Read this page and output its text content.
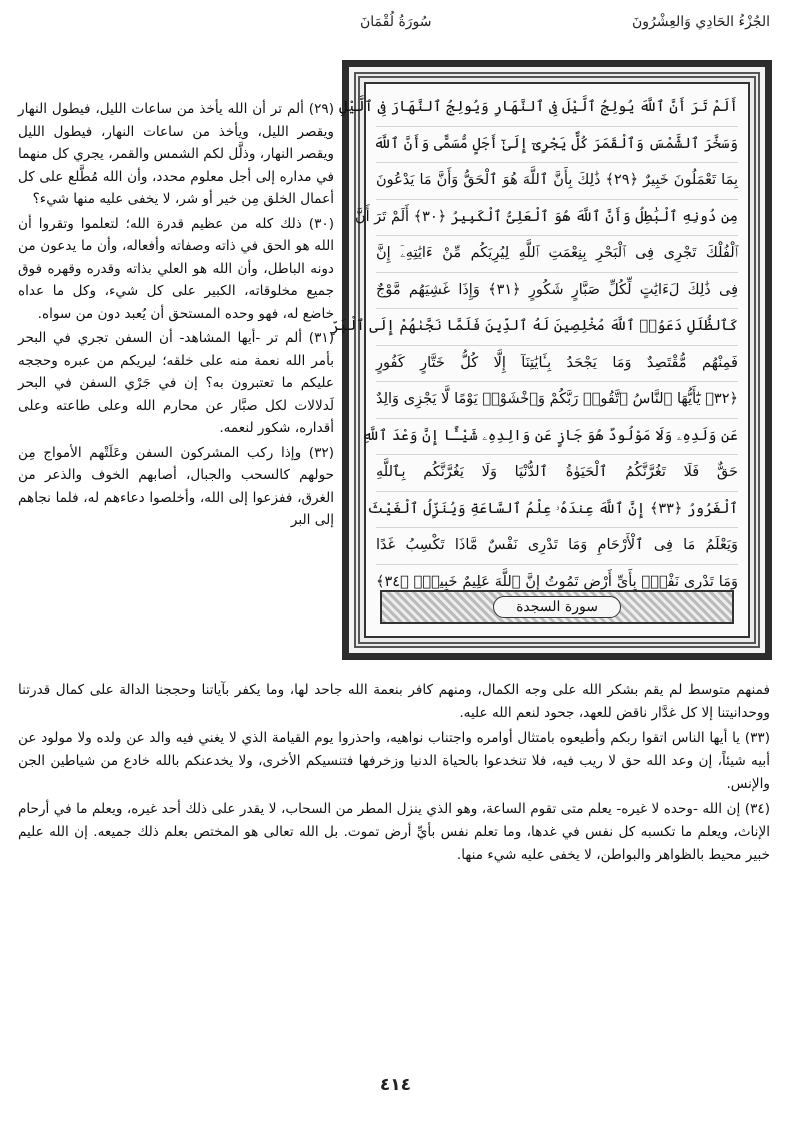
سُورَةُ لُقْمَانَ	الجُزْءُ الحَادِي وَالعِشْرُونَ
أَلَمْ تَرَ أَنَّ ٱللَّهَ يُولِجُ ٱلَّيْلَ فِى ٱلنَّهَارِ وَيُولِجُ ٱلنَّهَارَ فِى ٱلَّيْلِ
وَسَخَّرَ ٱلشَّمْسَ وَٱلْقَمَرَ كُلٌّ يَجْرِىٓ إِلَىٰٓ أَجَلٍ مُّسَمًّى وَأَنَّ ٱللَّهَ
بِمَا تَعْمَلُونَ خَبِيرٌ ﴿٢٩﴾ ذَٰلِكَ بِأَنَّ ٱللَّهَ هُوَ ٱلْحَقُّ وَأَنَّ مَا يَدْعُونَ
مِن دُونِهِ ٱلْبَٰطِلُ وَأَنَّ ٱللَّهَ هُوَ ٱلْعَلِىُّ ٱلْكَبِيرُ ﴿٣٠﴾ أَلَمْ تَرَ أَنَّ
ٱلْفُلْكَ تَجْرِى فِى ٱلْبَحْرِ بِنِعْمَتِ ٱللَّهِ لِيُرِيَكُم مِّنْ ءَايَٰتِهِۦٓ إِنَّ
فِى ذَٰلِكَ لَءَايَٰتٍ لِّكُلِّ صَبَّارٍ شَكُورٍ ﴿٣١﴾ وَإِذَا غَشِيَهُم مَّوْجٌ
كَٱلظُّلَلِ دَعَوُا۟ ٱللَّهَ مُخْلِصِينَ لَهُ ٱلدِّينَ فَلَمَّا نَجَّىٰهُمْ إِلَى ٱلْبَرِّ
فَمِنْهُم مُّقْتَصِدٌ وَمَا يَجْحَدُ بِـَٔايَٰتِنَآ إِلَّا كُلُّ خَتَّارٍ كَفُورٍ
﴿٣٢﴾ يَٰٓأَيُّهَا ٱلنَّاسُ ٱتَّقُوا۟ رَبَّكُمْ وَٱخْشَوْا۟ يَوْمًا لَّا يَجْزِى وَالِدٌ
عَن وَلَدِهِۦ وَلَا مَوْلُودٌ هُوَ جَازٍ عَن وَالِدِهِۦ شَيْـًٔا إِنَّ وَعْدَ ٱللَّهِ
حَقٌّ فَلَا تَغُرَّنَّكُمُ ٱلْحَيَوٰةُ ٱلدُّنْيَا وَلَا يَغُرَّنَّكُم بِٱللَّهِ
ٱلْغَرُورُ ﴿٣٣﴾ إِنَّ ٱللَّهَ عِندَهُۥ عِلْمُ ٱلسَّاعَةِ وَيُنَزِّلُ ٱلْغَيْثَ
وَيَعْلَمُ مَا فِى ٱلْأَرْحَامِ وَمَا تَدْرِى نَفْسٌ مَّاذَا تَكْسِبُ غَدًا
وَمَا تَدْرِى نَفْسٌۢ بِأَىِّ أَرْضٍ تَمُوتُ إِنَّ ٱللَّهَ عَلِيمٌ خَبِيرٌۢ ﴿٣٤﴾
سورة السجدة

(٢٩) ألم تر أن الله يأخذ من ساعات الليل، فيطول النهار ويقصر الليل، ويأخذ من ساعات النهار، فيطول الليل ويقصر النهار، وذلَّل لكم الشمس والقمر، يجري كل منهما في مداره إلى أجل معلوم محدد، وأن الله مُطَّلع على كل أعمال الخلق مِن خير أو شر، لا يخفى عليه منها شيء؟

(٣٠) ذلك كله من عظيم قدرة الله؛ لتعلموا وتقروا أن الله هو الحق في ذاته وصفاته وأفعاله، وأن ما يدعون من دونه الباطل، وأن الله هو العلي بذاته وقدره وقهره فوق جميع مخلوقاته، الكبير على كل شيء، وكل ما عداه خاضع له، فهو وحده المستحق أن يُعبد دون من سواه.

(٣١) ألم تر -أيها المشاهد- أن السفن تجري في البحر بأمر الله نعمة منه على خلقه؛ ليريكم من عبره وحججه عليكم ما تعتبرون به؟ إن في جَرْي السفن في البحر لَدلالات لكل صبَّار عن محارم الله وعلى طاعته وعلى أقداره، شكور لنعمه.

(٣٢) وإذا ركب المشركون السفن وعَلَتْهم الأمواج مِن حولهم كالسحب والجبال، أصابهم الخوف والذعر من الغرق، ففزعوا إلى الله، وأخلصوا دعاءهم له، فلما نجاهم إلى البر

فمنهم متوسط لم يقم بشكر الله على وجه الكمال، ومنهم كافر بنعمة الله جاحد لها، وما يكفر بآياتنا وحججنا الدالة على كمال قدرتنا ووحدانيتنا إلا كل غدَّار ناقض للعهد، جحود لنعم الله عليه.

(٣٣) يا أيها الناس اتقوا ربكم وأطيعوه بامتثال أوامره واجتناب نواهيه، واحذروا يوم القيامة الذي لا يغني فيه والد عن ولده ولا مولود عن أبيه شيئاً، إن وعد الله حق لا ريب فيه، فلا تنخدعوا بالحياة الدنيا وزخرفها فتنسيكم الأخرى، ولا يخدعنكم بالله خادع من شياطين الجن والإنس.

(٣٤) إن الله -وحده لا غيره- يعلم متى تقوم الساعة، وهو الذي ينزل المطر من السحاب، لا يقدر على ذلك أحد غيره، ويعلم ما في أرحام الإناث، ويعلم ما تكسبه كل نفس في غدها، وما تعلم نفس بأيِّ أرض تموت. بل الله تعالى هو المختص بعلم ذلك جميعه. إن الله عليم خبير محيط بالظواهر والبواطن، لا يخفى عليه شيء منها.

٤١٤
